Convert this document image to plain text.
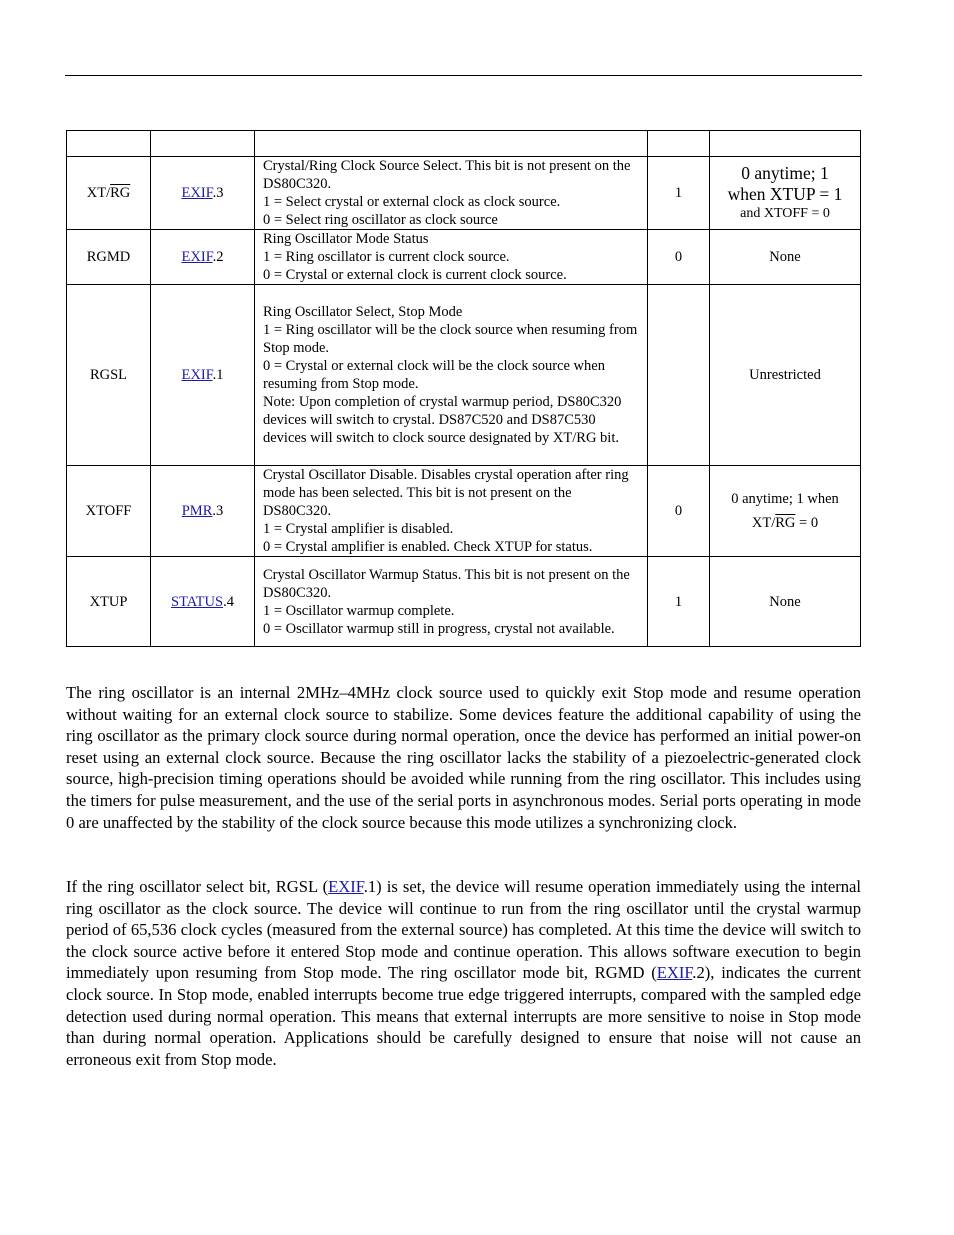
$XT/\overline{RG}$	EXIF.3	Crystal/Ring Clock Source Select. This bit is not present on the DS80C320.
1 = Select crystal or external clock as clock source.
0 = Select ring oscillator as clock source	1	0 anytime; 1
when XTUP = 1
and XTOFF = 0

RGMD	EXIF.2	Ring Oscillator Mode Status
1 = Ring oscillator is current clock source.
0 = Crystal or external clock is current clock source.	0	None
RGSL	EXIF.1	Ring Oscillator Select, Stop Mode
1 = Ring oscillator will be the clock source when resuming from Stop mode.
0 = Crystal or external clock will be the clock source when resuming from Stop mode.
Note: Upon completion of crystal warmup period, DS80C320 devices will switch to crystal. DS87C520 and DS87C530 devices will switch to clock source designated by XT/RG bit.		Unrestricted
XTOFF	PMR.3	Crystal Oscillator Disable. Disables crystal operation after ring mode has been selected. This bit is not present on the DS80C320.
1 = Crystal amplifier is disabled.
0 = Crystal amplifier is enabled. Check XTUP for status.	0	0 anytime; 1 when
$XT/\overline{RG} = 0$

XTUP	STATUS.4	Crystal Oscillator Warmup Status. This bit is not present on the DS80C320.
1 = Oscillator warmup complete.
0 = Oscillator warmup still in progress, crystal not available.	1	None

The ring oscillator is an internal 2MHz–4MHz clock source used to quickly exit Stop mode and resume operation without waiting for an external clock source to stabilize. Some devices feature the additional capability of using the ring oscillator as the primary clock source during normal operation, once the device has performed an initial power-on reset using an external clock source. Because the ring oscillator lacks the stability of a piezoelectric-generated clock source, high-precision timing operations should be avoided while running from the ring oscillator. This includes using the timers for pulse measurement, and the use of the serial ports in asynchronous modes. Serial ports operating in mode 0 are unaffected by the stability of the clock source because this mode utilizes a synchronizing clock.

If the ring oscillator select bit, RGSL (EXIF.1) is set, the device will resume operation immediately using the internal ring oscillator as the clock source. The device will continue to run from the ring oscillator until the crystal warmup period of 65,536 clock cycles (measured from the external source) has completed. At this time the device will switch to the clock source active before it entered Stop mode and continue operation. This allows software execution to begin immediately upon resuming from Stop mode. The ring oscillator mode bit, RGMD (EXIF.2), indicates the current clock source. In Stop mode, enabled interrupts become true edge triggered interrupts, compared with the sampled edge detection used during normal operation. This means that external interrupts are more sensitive to noise in Stop mode than during normal operation. Applications should be carefully designed to ensure that noise will not cause an erroneous exit from Stop mode.
